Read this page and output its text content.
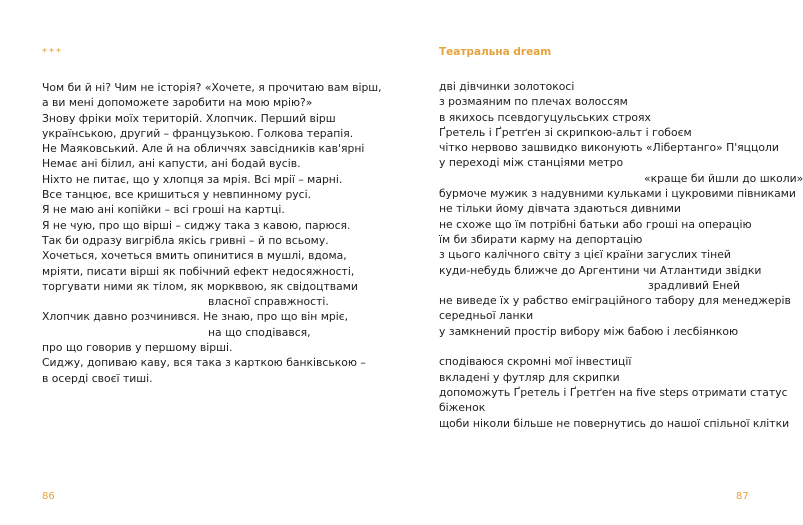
***
Чом би й ні? Чим не історія? «Хочете, я прочитаю вам вірш,
а ви мені допоможете заробити на мою мрію?»
Знову фріки моїх територій. Хлопчик. Перший вірш
українською, другий – французькою. Голкова терапія.
Не Маяковський. Але й на обличчях завсідників кав'ярні
Немає ані білил, ані капусти, ані бодай вусів.
Ніхто не питає, що у хлопця за мрія. Всі мрії – марні.
Все танцює, все кришиться у невпинному русі.
Я не маю ані копійки – всі гроші на картці.
Я не чую, про що вірші – сиджу така з кавою, парюся.
Так би одразу вигрібла якісь гривні – й по всьому.
Хочеться, хочеться вмить опинитися в мушлі, вдома,
мріяти, писати вірші як побічний ефект недосяжності,
торгувати ними як тілом, як моркввою, як свідоцтвами
власної справжності.
Хлопчик давно розчинився. Не знаю, про що він мріє,
на що сподівався,
про що говорив у першому вірші.
Сиджу, допиваю каву, вся така з карткою банківською –
в осерді своєї тиші.
86
Театральна dream
дві дівчинки золотокосі
з розмаяним по плечах волоссям
в якихось псевдогуцульських строях
Ґретель і Ґретґен зі скрипкою-альт і гобоєм
чітко нервово зашвидко виконують «Лібертанго» П'яццоли
у переході між станціями метро
«краще би йшли до школи»
бурмоче мужик з надувними кульками і цукровими півниками
не тільки йому дівчата здаються дивними
не схоже що їм потрібні батьки або гроші на операцію
їм би збирати карму на депортацію
з цього калічного світу з цієї країни загуслих тіней
куди-небудь ближче до Аргентини чи Атлантиди звідки
зрадливий Еней
не виведе їх у рабство еміграційного табору для менеджерів
середньої ланки
у замкнений простір вибору між бабою і лесбіянкою
сподіваюся скромні мої інвестиції
вкладені у футляр для скрипки
допоможуть Ґретель і Ґретґен на five steps отримати статус
біженок
щоби ніколи більше не повернутись до нашої спільної клітки
87
